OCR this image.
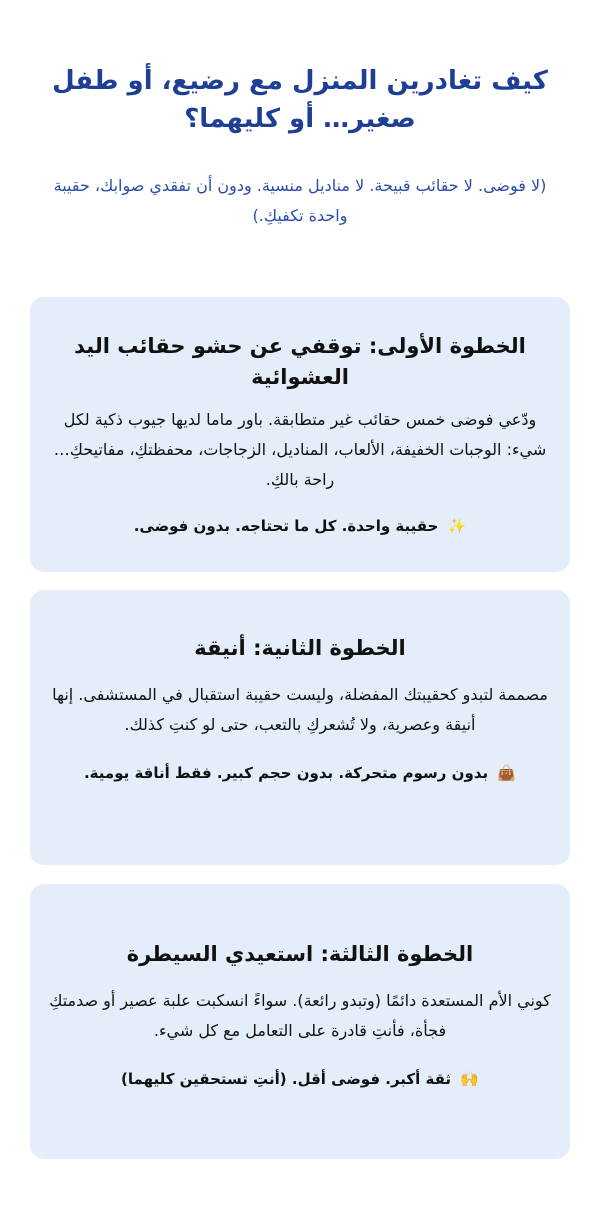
كيف تغادرين المنزل مع رضيع، أو طفل صغير… أو كليهما؟

(لا فوضى. لا حقائب قبيحة. لا مناديل منسية. ودون أن تفقدي صوابك، حقيبة واحدة تكفيكِ.)

الخطوة الأولى: توقفي عن حشو حقائب اليد العشوائية

ودّعي فوضى خمس حقائب غير متطابقة. باور ماما لديها جيوب ذكية لكل شيء: الوجبات الخفيفة، الألعاب، المناديل، الزجاجات، محفظتكِ، مفاتيحكِ… راحة بالكِ.

✨ حقيبة واحدة. كل ما تحتاجه. بدون فوضى.

الخطوة الثانية: أنيقة

مصممة لتبدو كحقيبتك المفضلة، وليست حقيبة استقبال في المستشفى. إنها أنيقة وعصرية، ولا تُشعركِ بالتعب، حتى لو كنتِ كذلك.

👜 بدون رسوم متحركة. بدون حجم كبير. فقط أناقة يومية.

الخطوة الثالثة: استعيدي السيطرة

كوني الأم المستعدة دائمًا (وتبدو رائعة). سواءً انسكبت علبة عصير أو صدمتكِ فجأة، فأنتِ قادرة على التعامل مع كل شيء.

🙌 ثقة أكبر. فوضى أقل. (أنتِ تستحقين كليهما)
